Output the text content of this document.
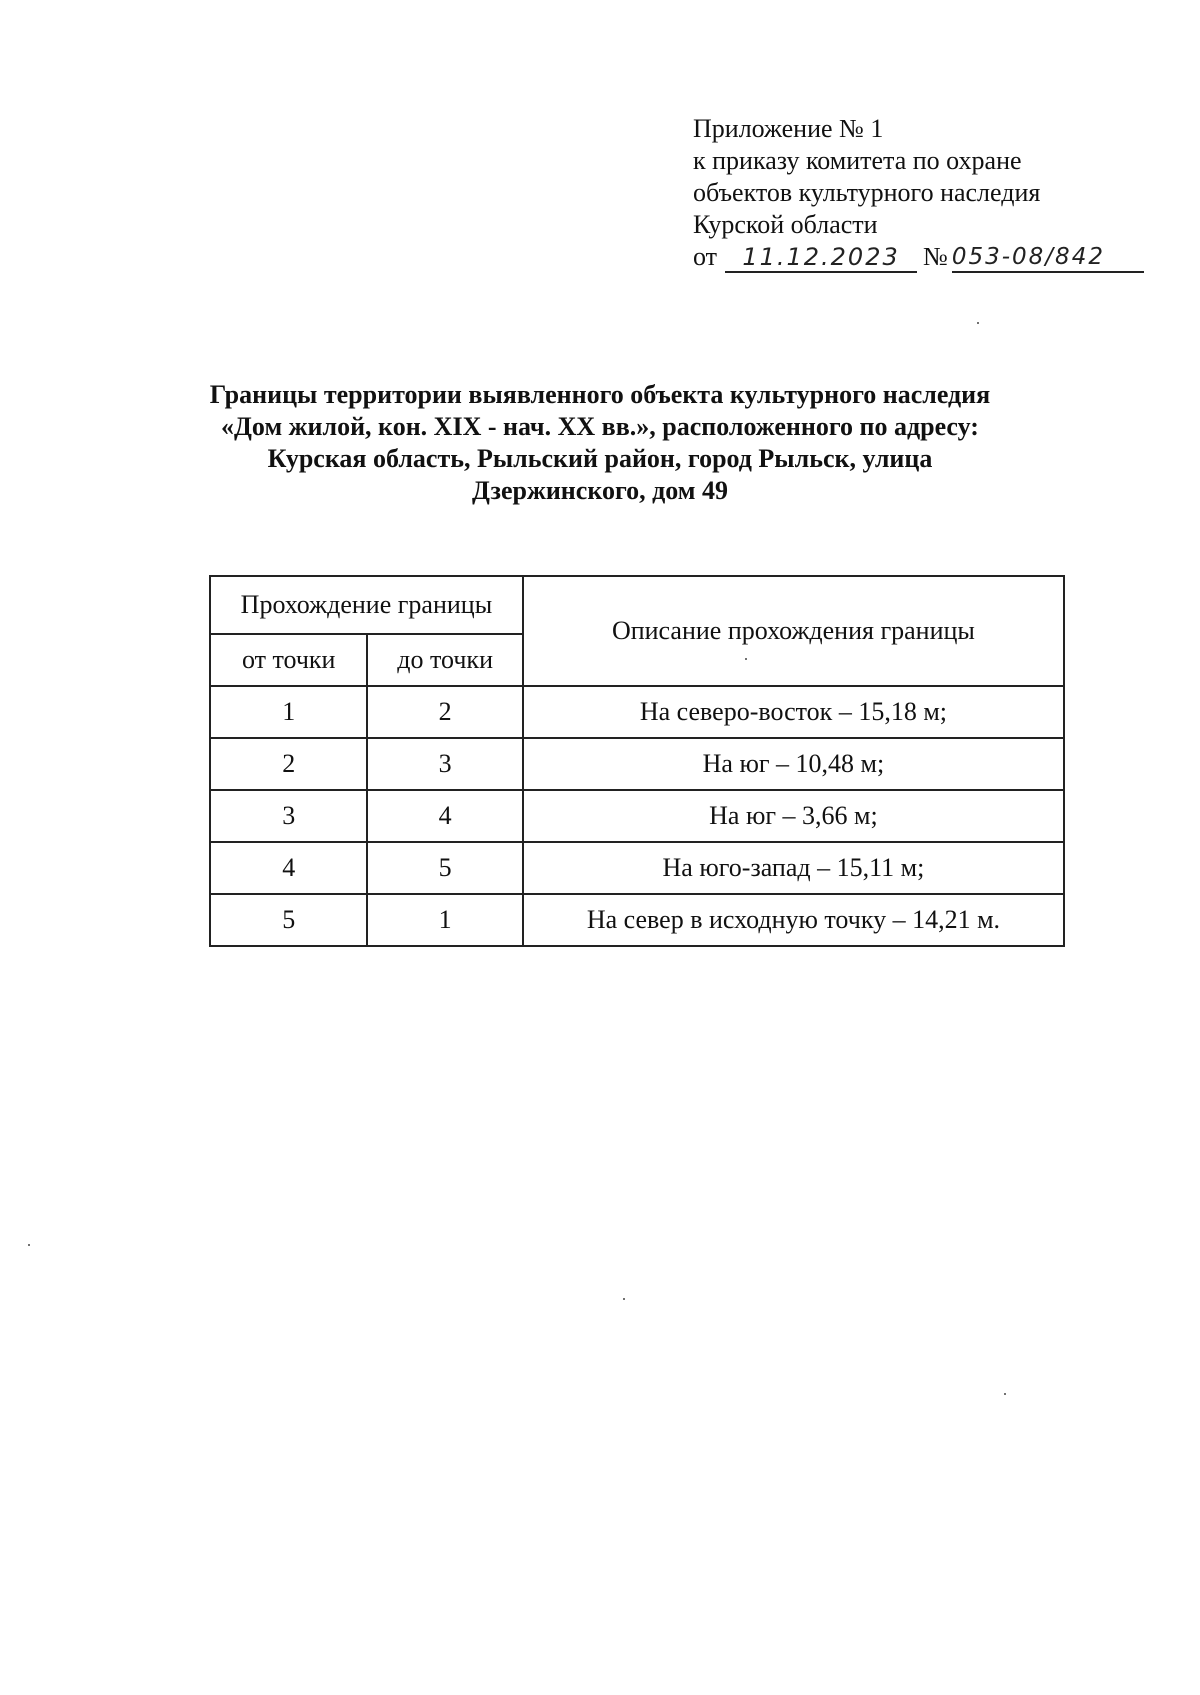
Приложение № 1
к приказу комитета по охране
объектов культурного наследия
Курской области
от	11.12.2023 № 053-08/842
Границы территории выявленного объекта культурного наследия
«Дом жилой, кон. XIX - нач. XX вв.», расположенного по адресу:
Курская область, Рыльский район, город Рыльск, улица
Дзержинского, дом 49
Прохождение границы		Описание прохождения границы
от точки	до точки	
1	2	На северо-восток – 15,18 м;
2	3	На юг – 10,48 м;
3	4	На юг – 3,66 м;
4	5	На юго-запад – 15,11 м;
5	1	На север в исходную точку – 14,21 м.
